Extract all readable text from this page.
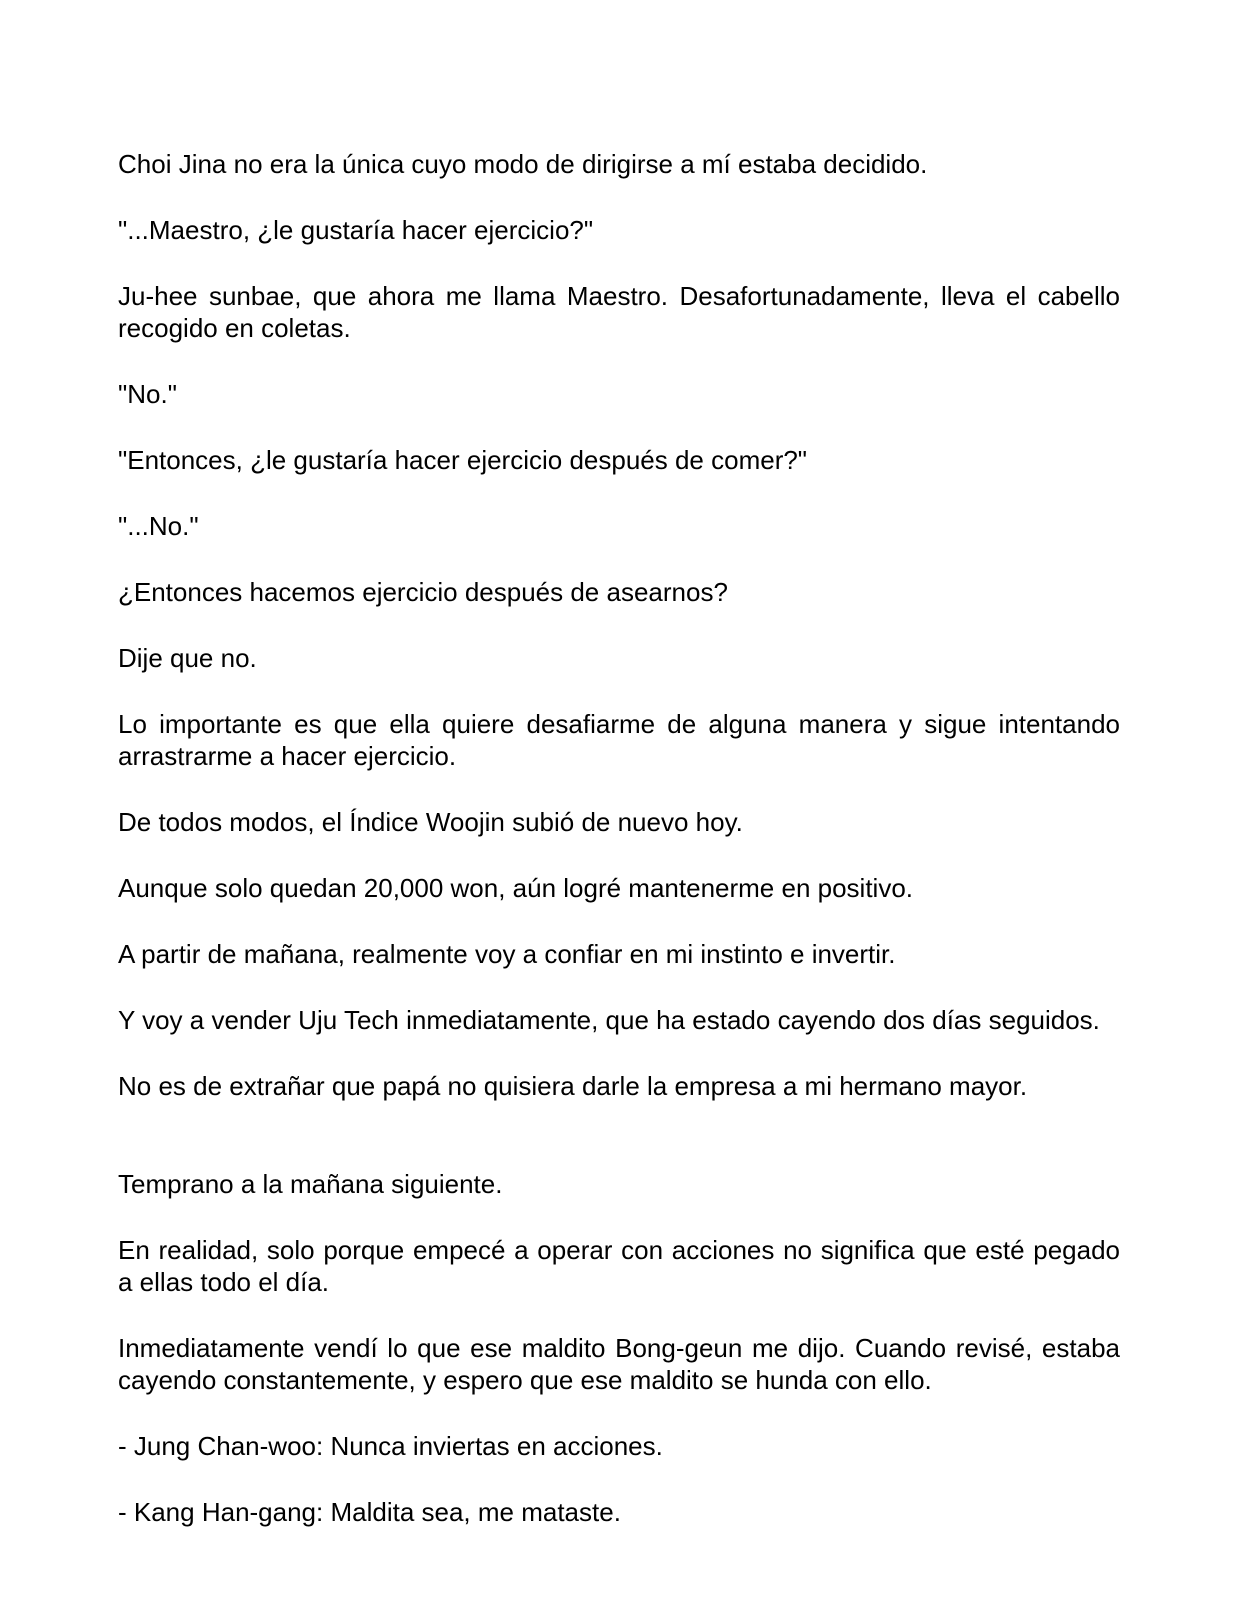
Choi Jina no era la única cuyo modo de dirigirse a mí estaba decidido.

"...Maestro, ¿le gustaría hacer ejercicio?"

Ju-hee sunbae, que ahora me llama Maestro. Desafortunadamente, lleva el cabello recogido en coletas.

"No."

"Entonces, ¿le gustaría hacer ejercicio después de comer?"

"...No."

¿Entonces hacemos ejercicio después de asearnos?

Dije que no.

Lo importante es que ella quiere desafiarme de alguna manera y sigue intentando arrastrarme a hacer ejercicio.

De todos modos, el Índice Woojin subió de nuevo hoy.

Aunque solo quedan 20,000 won, aún logré mantenerme en positivo.

A partir de mañana, realmente voy a confiar en mi instinto e invertir.

Y voy a vender Uju Tech inmediatamente, que ha estado cayendo dos días seguidos.

No es de extrañar que papá no quisiera darle la empresa a mi hermano mayor.

Temprano a la mañana siguiente.

En realidad, solo porque empecé a operar con acciones no significa que esté pegado a ellas todo el día.

Inmediatamente vendí lo que ese maldito Bong-geun me dijo. Cuando revisé, estaba cayendo constantemente, y espero que ese maldito se hunda con ello.

- Jung Chan-woo: Nunca inviertas en acciones.

- Kang Han-gang: Maldita sea, me mataste.
